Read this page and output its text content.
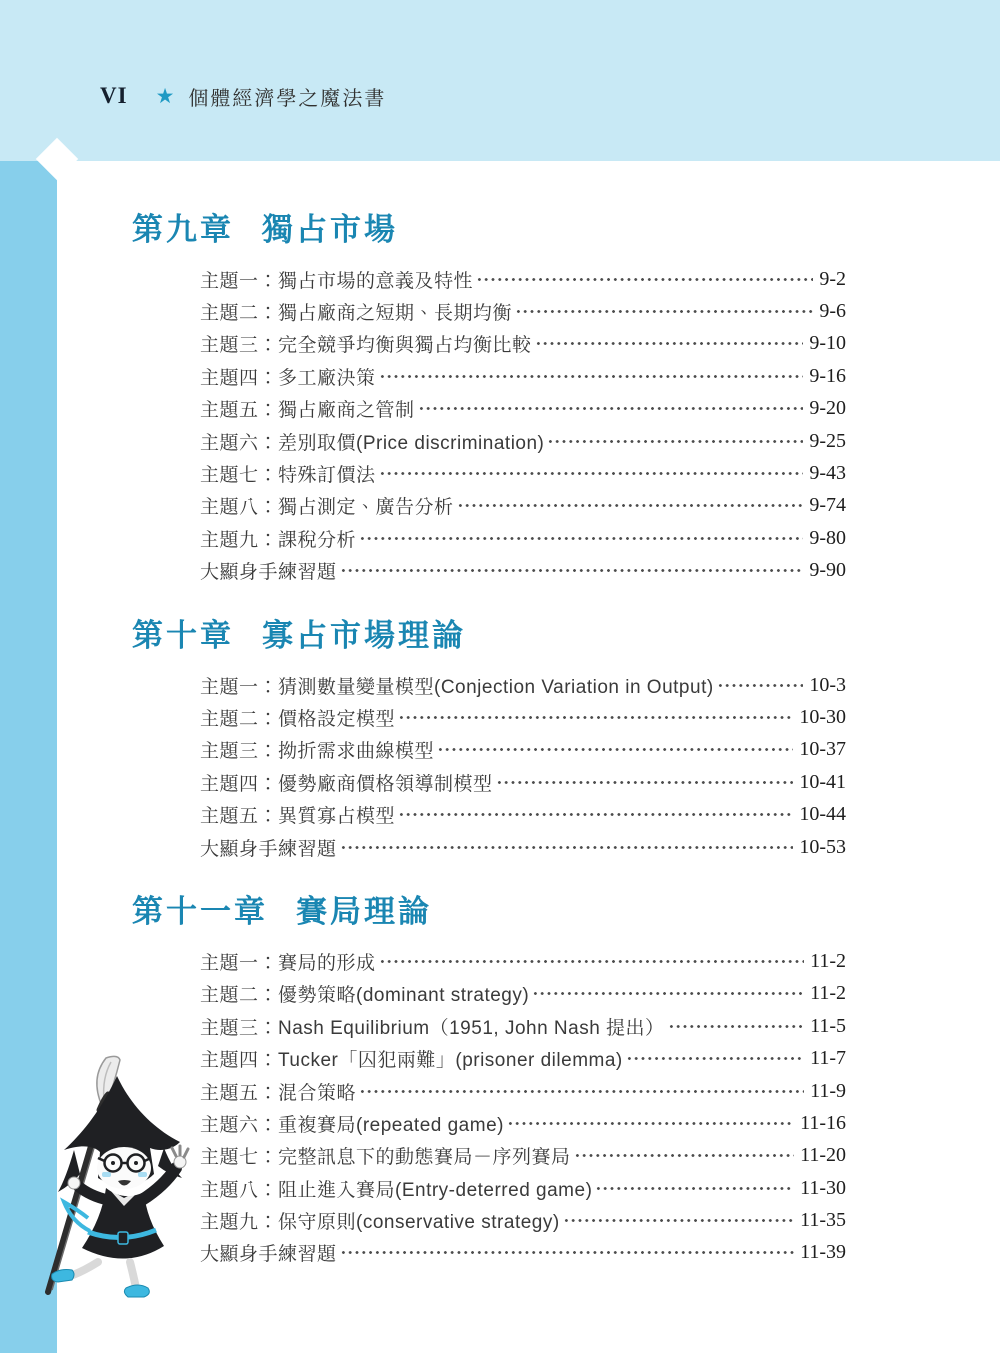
VI ★ 個體經濟學之魔法書
第九章 獨占市場
主題一：獨占市場的意義及特性	9-2
主題二：獨占廠商之短期、長期均衡	9-6
主題三：完全競爭均衡與獨占均衡比較	9-10
主題四：多工廠決策	9-16
主題五：獨占廠商之管制	9-20
主題六：差別取價(Price discrimination)	9-25
主題七：特殊訂價法	9-43
主題八：獨占測定、廣告分析	9-74
主題九：課稅分析	9-80
大顯身手練習題	9-90
第十章 寡占市場理論
主題一：猜測數量變量模型(Conjection Variation in Output)	10-3
主題二：價格設定模型	10-30
主題三：拗折需求曲線模型	10-37
主題四：優勢廠商價格領導制模型	10-41
主題五：異質寡占模型	10-44
大顯身手練習題	10-53
第十一章 賽局理論
主題一：賽局的形成	11-2
主題二：優勢策略(dominant strategy)	11-2
主題三：Nash Equilibrium（1951, John Nash 提出）	11-5
主題四：Tucker「囚犯兩難」(prisoner dilemma)	11-7
主題五：混合策略	11-9
主題六：重複賽局(repeated game)	11-16
主題七：完整訊息下的動態賽局－序列賽局	11-20
主題八：阻止進入賽局(Entry-deterred game)	11-30
主題九：保守原則(conservative strategy)	11-35
大顯身手練習題	11-39
